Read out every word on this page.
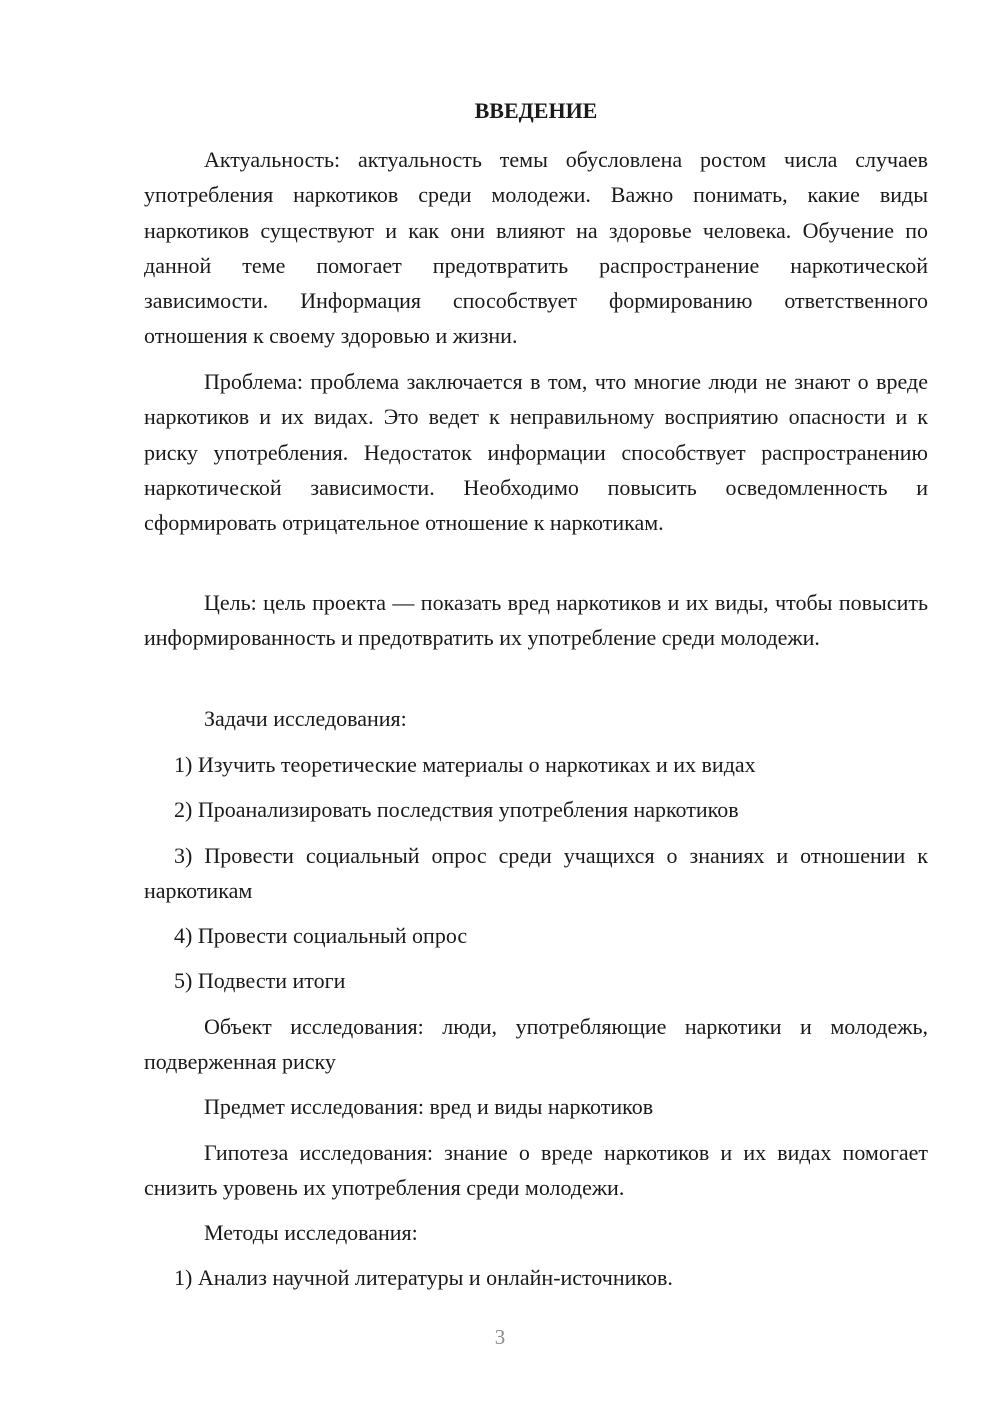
ВВЕДЕНИЕ

Актуальность: актуальность темы обусловлена ростом числа случаев употребления наркотиков среди молодежи. Важно понимать, какие виды наркотиков существуют и как они влияют на здоровье человека. Обучение по данной теме помогает предотвратить распространение наркотической зависимости. Информация способствует формированию ответственного отношения к своему здоровью и жизни.

Проблема: проблема заключается в том, что многие люди не знают о вреде наркотиков и их видах. Это ведет к неправильному восприятию опасности и к риску употребления. Недостаток информации способствует распространению наркотической зависимости. Необходимо повысить осведомленность и сформировать отрицательное отношение к наркотикам.

Цель: цель проекта — показать вред наркотиков и их виды, чтобы повысить информированность и предотвратить их употребление среди молодежи.

Задачи исследования:

1) Изучить теоретические материалы о наркотиках и их видах

2) Проанализировать последствия употребления наркотиков

3) Провести социальный опрос среди учащихся о знаниях и отношении к наркотикам

4) Провести социальный опрос

5) Подвести итоги

Объект исследования: люди, употребляющие наркотики и молодежь, подверженная риску

Предмет исследования: вред и виды наркотиков

Гипотеза исследования: знание о вреде наркотиков и их видах помогает снизить уровень их употребления среди молодежи.

Методы исследования:

1) Анализ научной литературы и онлайн-источников.

3
